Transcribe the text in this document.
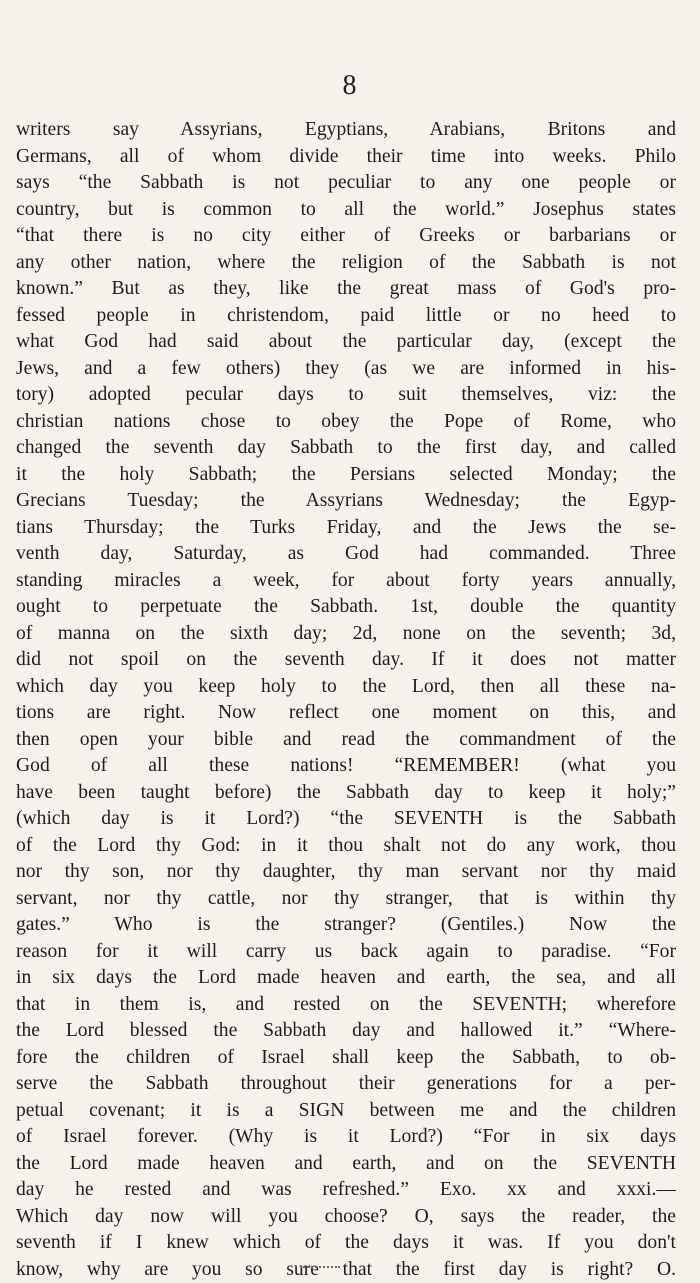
8
writers say Assyrians, Egyptians, Arabians, Britons and
Germans, all of whom divide their time into weeks. Philo
says “the Sabbath is not peculiar to any one people or
country, but is common to all the world.” Josephus states
“that there is no city either of Greeks or barbarians or
any other nation, where the religion of the Sabbath is not
known.” But as they, like the great mass of God's pro-
fessed people in christendom, paid little or no heed to
what God had said about the particular day, (except the
Jews, and a few others) they (as we are informed in his-
tory) adopted pecular days to suit themselves, viz: the
christian nations chose to obey the Pope of Rome, who
changed the seventh day Sabbath to the first day, and called
it the holy Sabbath; the Persians selected Monday; the
Grecians Tuesday; the Assyrians Wednesday; the Egyp-
tians Thursday; the Turks Friday, and the Jews the se-
venth day, Saturday, as God had commanded. Three
standing miracles a week, for about forty years annually,
ought to perpetuate the Sabbath. 1st, double the quantity
of manna on the sixth day; 2d, none on the seventh; 3d,
did not spoil on the seventh day. If it does not matter
which day you keep holy to the Lord, then all these na-
tions are right. Now reflect one moment on this, and
then open your bible and read the commandment of the
God of all these nations! “REMEMBER! (what you
have been taught before) the Sabbath day to keep it holy;”
(which day is it Lord?) “the SEVENTH is the Sabbath
of the Lord thy God: in it thou shalt not do any work, thou
nor thy son, nor thy daughter, thy man servant nor thy maid
servant, nor thy cattle, nor thy stranger, that is within thy
gates.” Who is the stranger? (Gentiles.) Now the
reason for it will carry us back again to paradise. “For
in six days the Lord made heaven and earth, the sea, and all
that in them is, and rested on the SEVENTH; wherefore
the Lord blessed the Sabbath day and hallowed it.” “Where-
fore the children of Israel shall keep the Sabbath, to ob-
serve the Sabbath throughout their generations for a per-
petual covenant; it is a SIGN between me and the children
of Israel forever. (Why is it Lord?) “For in six days
the Lord made heaven and earth, and on the SEVENTH
day he rested and was refreshed.” Exo. xx and xxxi.—
Which day now will you choose? O, says the reader, the
seventh if I knew which of the days it was. If you don't
know, why are you so sure that the first day is right? O.
